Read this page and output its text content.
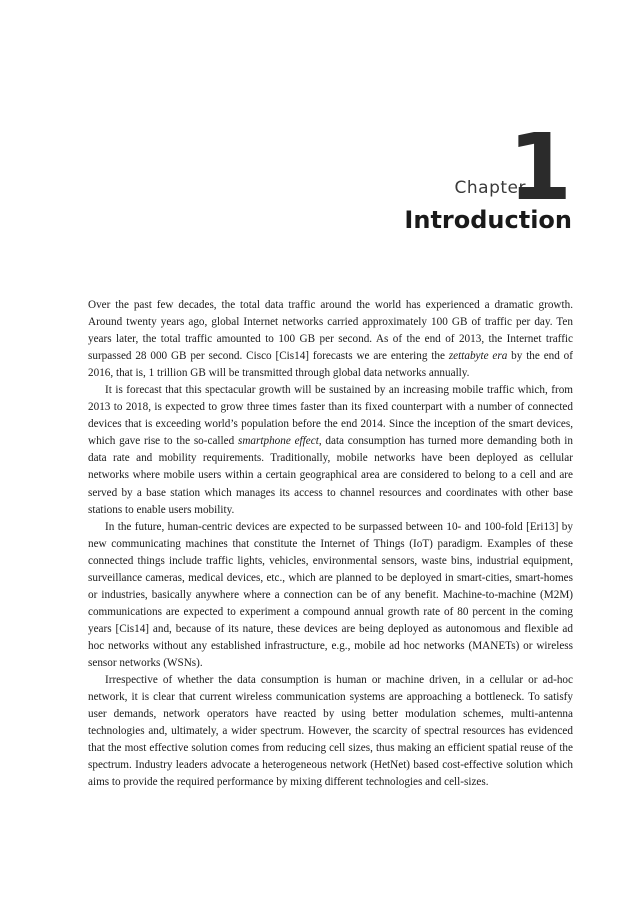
Chapter
1
Introduction

Over the past few decades, the total data traffic around the world has experienced a dramatic growth. Around twenty years ago, global Internet networks carried approximately 100 GB of traffic per day. Ten years later, the total traffic amounted to 100 GB per second. As of the end of 2013, the Internet traffic surpassed 28 000 GB per second. Cisco [Cis14] forecasts we are entering the zettabyte era by the end of 2016, that is, 1 trillion GB will be transmitted through global data networks annually.

It is forecast that this spectacular growth will be sustained by an increasing mobile traffic which, from 2013 to 2018, is expected to grow three times faster than its fixed counterpart with a number of connected devices that is exceeding world’s population before the end 2014. Since the inception of the smart devices, which gave rise to the so-called smartphone effect, data consumption has turned more demanding both in data rate and mobility requirements. Traditionally, mobile networks have been deployed as cellular networks where mobile users within a certain geographical area are considered to belong to a cell and are served by a base station which manages its access to channel resources and coordinates with other base stations to enable users mobility.

In the future, human-centric devices are expected to be surpassed between 10- and 100-fold [Eri13] by new communicating machines that constitute the Internet of Things (IoT) paradigm. Examples of these connected things include traffic lights, vehicles, environmental sensors, waste bins, industrial equipment, surveillance cameras, medical devices, etc., which are planned to be deployed in smart-cities, smart-homes or industries, basically anywhere where a connection can be of any benefit. Machine-to-machine (M2M) communications are expected to experiment a compound annual growth rate of 80 percent in the coming years [Cis14] and, because of its nature, these devices are being deployed as autonomous and flexible ad hoc networks without any established infrastructure, e.g., mobile ad hoc networks (MANETs) or wireless sensor networks (WSNs).

Irrespective of whether the data consumption is human or machine driven, in a cellular or ad-hoc network, it is clear that current wireless communication systems are approaching a bottleneck. To satisfy user demands, network operators have reacted by using better modulation schemes, multi-antenna technologies and, ultimately, a wider spectrum. However, the scarcity of spectral resources has evidenced that the most effective solution comes from reducing cell sizes, thus making an efficient spatial reuse of the spectrum. Industry leaders advocate a heterogeneous network (HetNet) based cost-effective solution which aims to provide the required performance by mixing different technologies and cell-sizes.
